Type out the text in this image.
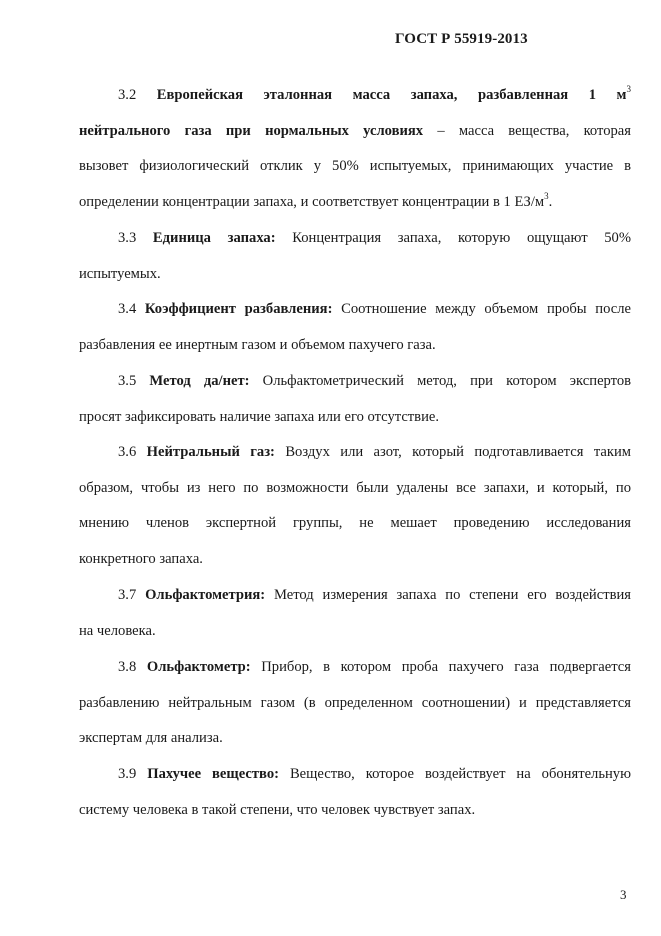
ГОСТ Р 55919-2013
3.2 Европейская эталонная масса запаха, разбавленная 1 $м^3$
нейтрального газа при нормальных условиях – масса вещества, которая
вызовет физиологический отклик у 50% испытуемых, принимающих участие в
определении концентрации запаха, и соответствует концентрации в 1 $ЕЗ/м^3$.
3.3 Единица запаха: Концентрация запаха, которую ощущают 50%
испытуемых.
3.4 Коэффициент разбавления: Соотношение между объемом пробы после
разбавления ее инертным газом и объемом пахучего газа.
3.5 Метод да/нет: Ольфактометрический метод, при котором экспертов
просят зафиксировать наличие запаха или его отсутствие.
3.6 Нейтральный газ: Воздух или азот, который подготавливается таким
образом, чтобы из него по возможности были удалены все запахи, и который, по
мнению членов экспертной группы, не мешает проведению исследования
конкретного запаха.
3.7 Ольфактометрия: Метод измерения запаха по степени его воздействия
на человека.
3.8 Ольфактометр: Прибор, в котором проба пахучего газа подвергается
разбавлению нейтральным газом (в определенном соотношении) и представляется
экспертам для анализа.
3.9 Пахучее вещество: Вещество, которое воздействует на обонятельную
систему человека в такой степени, что человек чувствует запах.
3
